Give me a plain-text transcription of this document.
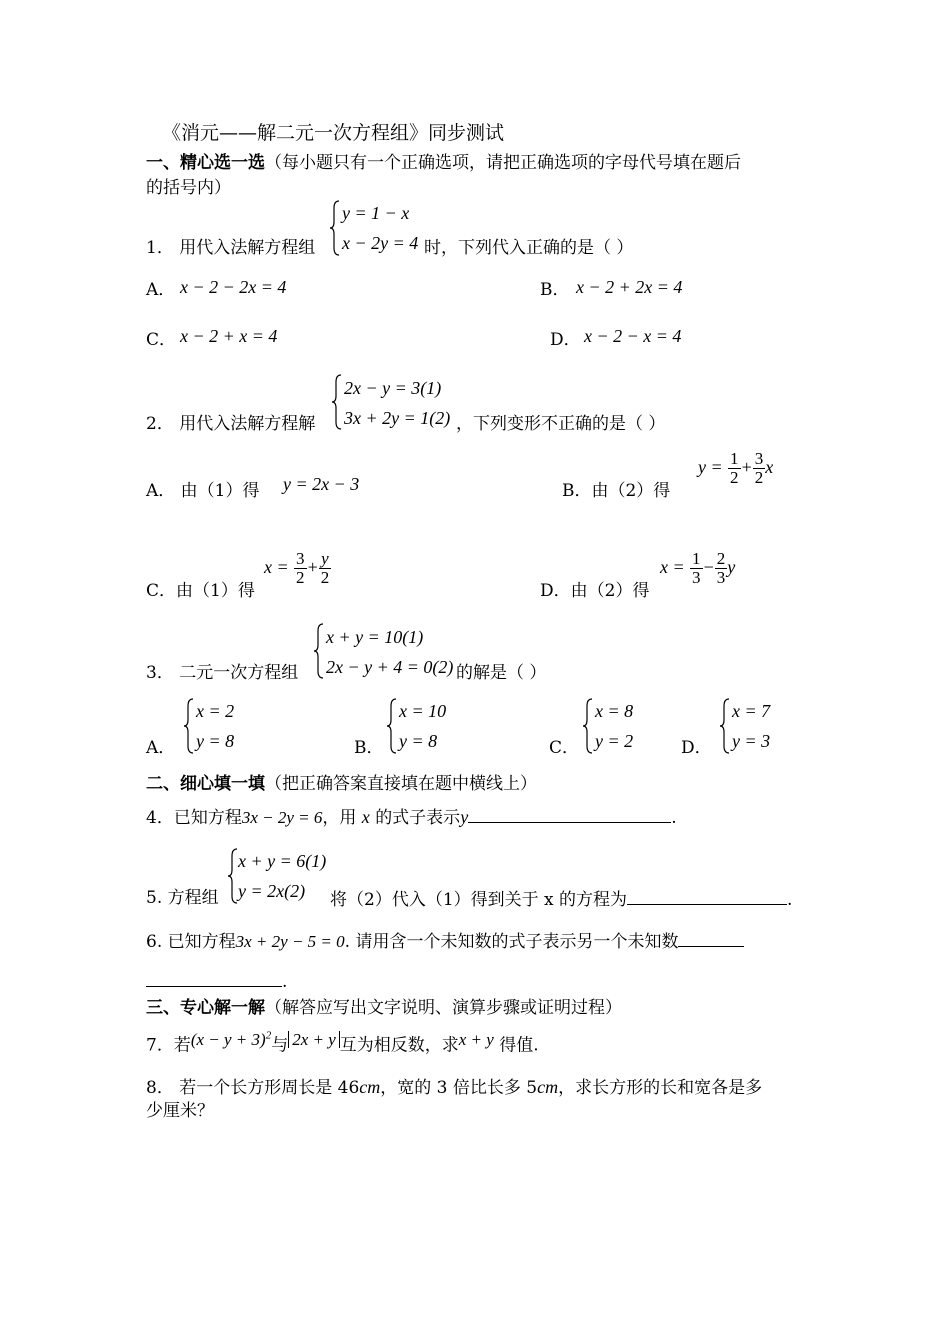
《消元——解二元一次方程组》同步测试
一、精心选一选（每小题只有一个正确选项，请把正确选项的字母代号填在题后
的括号内）
1． 用代入法解方程组
y = 1 − x
x − 2y = 4 时，下列代入正确的是（ ）
A． x − 2 − 2x = 4	B． x − 2 + 2x = 4
C． x − 2 + x = 4	D． x − 2 − x = 4
2． 用代入法解方程解
2x − y = 3(1)
3x + 2y = 1(2) ，下列变形不正确的是（ ）
A． 由（1）得 y = 2x − 3	B．由（2）得
$y = \frac{1}{2} + \frac{3}{2}$ x
C．由（1）得
$x = \frac{3}{2} + \frac{y}{2}$
D．由（2）得
$x = \frac{1}{3} - \frac{2}{3}$ y
3． 二元一次方程组
x + y = 10(1)
2x − y + 4 = 0(2) 的解是（ ）
A．
x = 2
y = 8	B．
x = 10
y = 8	C．
x = 8
y = 2	D．
x = 7
y = 3
二、细心填一填（把正确答案直接填在题中横线上）
4．已知方程3x − 2y = 6，用 x 的式子表示y	.
5. 方程组
x + y = 6(1)
y = 2x(2) 将（2）代入（1）得到关于 x 的方程为	.
6. 已知方程3x + 2y − 5 = 0. 请用含一个未知数的式子表示另一个未知数
.
三、专心解一解（解答应写出文字说明、演算步骤或证明过程）
7．若$(x - y + 3)^2$与 2x + y 互为相反数，求x + y 得值.
8． 若一个长方形周长是 46cm，宽的 3 倍比长多 5cm，求长方形的长和宽各是多
少厘米？
